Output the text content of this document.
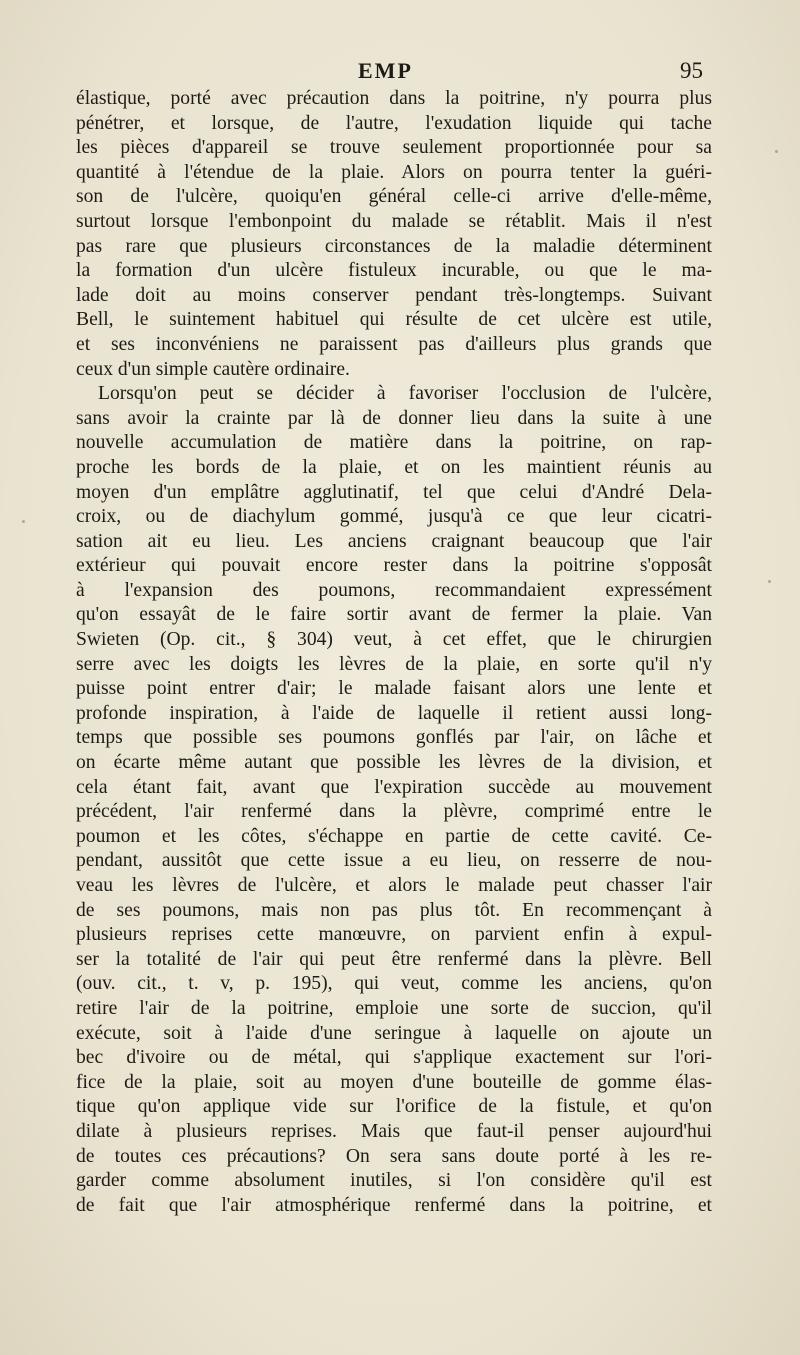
EMP	95
élastique, porté avec précaution dans la poitrine, n'y pourra plus
pénétrer, et lorsque, de l'autre, l'exudation liquide qui tache
les pièces d'appareil se trouve seulement proportionnée pour sa
quantité à l'étendue de la plaie. Alors on pourra tenter la guéri-
son de l'ulcère, quoiqu'en général celle-ci arrive d'elle-même,
surtout lorsque l'embonpoint du malade se rétablit. Mais il n'est
pas rare que plusieurs circonstances de la maladie déterminent
la formation d'un ulcère fistuleux incurable, ou que le ma-
lade doit au moins conserver pendant très-longtemps. Suivant
Bell, le suintement habituel qui résulte de cet ulcère est utile,
et ses inconvéniens ne paraissent pas d'ailleurs plus grands que
ceux d'un simple cautère ordinaire.
Lorsqu'on peut se décider à favoriser l'occlusion de l'ulcère,
sans avoir la crainte par là de donner lieu dans la suite à une
nouvelle accumulation de matière dans la poitrine, on rap-
proche les bords de la plaie, et on les maintient réunis au
moyen d'un emplâtre agglutinatif, tel que celui d'André Dela-
croix, ou de diachylum gommé, jusqu'à ce que leur cicatri-
sation ait eu lieu. Les anciens craignant beaucoup que l'air
extérieur qui pouvait encore rester dans la poitrine s'opposât
à l'expansion des poumons, recommandaient expressément
qu'on essayât de le faire sortir avant de fermer la plaie. Van
Swieten (Op. cit., § 304) veut, à cet effet, que le chirurgien
serre avec les doigts les lèvres de la plaie, en sorte qu'il n'y
puisse point entrer d'air; le malade faisant alors une lente et
profonde inspiration, à l'aide de laquelle il retient aussi long-
temps que possible ses poumons gonflés par l'air, on lâche et
on écarte même autant que possible les lèvres de la division, et
cela étant fait, avant que l'expiration succède au mouvement
précédent, l'air renfermé dans la plèvre, comprimé entre le
poumon et les côtes, s'échappe en partie de cette cavité. Ce-
pendant, aussitôt que cette issue a eu lieu, on resserre de nou-
veau les lèvres de l'ulcère, et alors le malade peut chasser l'air
de ses poumons, mais non pas plus tôt. En recommençant à
plusieurs reprises cette manœuvre, on parvient enfin à expul-
ser la totalité de l'air qui peut être renfermé dans la plèvre. Bell
(ouv. cit., t. v, p. 195), qui veut, comme les anciens, qu'on
retire l'air de la poitrine, emploie une sorte de succion, qu'il
exécute, soit à l'aide d'une seringue à laquelle on ajoute un
bec d'ivoire ou de métal, qui s'applique exactement sur l'ori-
fice de la plaie, soit au moyen d'une bouteille de gomme élas-
tique qu'on applique vide sur l'orifice de la fistule, et qu'on
dilate à plusieurs reprises. Mais que faut-il penser aujourd'hui
de toutes ces précautions? On sera sans doute porté à les re-
garder comme absolument inutiles, si l'on considère qu'il est
de fait que l'air atmosphérique renfermé dans la poitrine, et
